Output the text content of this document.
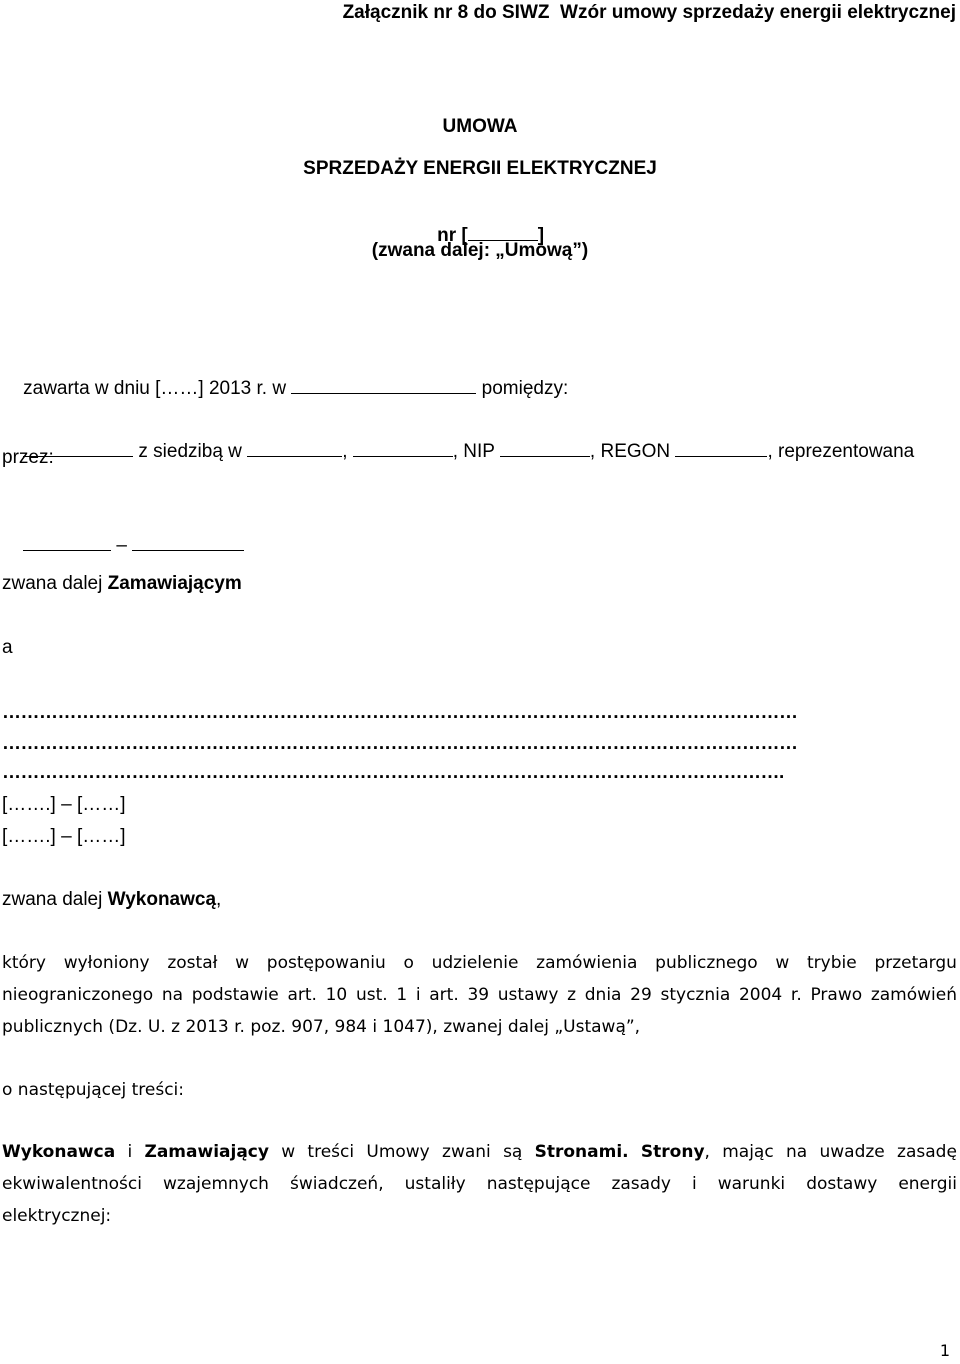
Załącznik nr 8 do SIWZ  Wzór umowy sprzedaży energii elektrycznej
UMOWA
SPRZEDAŻY ENERGII ELEKTRYCZNEJ

nr [	]

(zwana dalej: „Umową”)

zawarta w dniu [……] 2013 r. w	pomiędzy:

z siedzibą w	,	, NIP	, REGON	, reprezentowana

przez:

–

zwana dalej Zamawiającym
a
…………………………………………………………………………………………………………………
…………………………………………………………………………………………………………………
……………………………………………………………………………………………………………….
[…….] – [……]
[…….] – [……]
zwana dalej Wykonawcą,
który wyłoniony został w postępowaniu o udzielenie zamówienia publicznego w trybie przetargu
nieograniczonego na podstawie art. 10 ust. 1 i art. 39 ustawy z dnia 29 stycznia 2004 r. Prawo zamówień
publicznych (Dz. U. z 2013 r. poz. 907, 984 i 1047), zwanej dalej „Ustawą”,
o następującej treści:
Wykonawca i Zamawiający w treści Umowy zwani są Stronami. Strony, mając na uwadze zasadę
ekwiwalentności wzajemnych świadczeń, ustaliły następujące zasady i warunki dostawy energii
elektrycznej:
1
